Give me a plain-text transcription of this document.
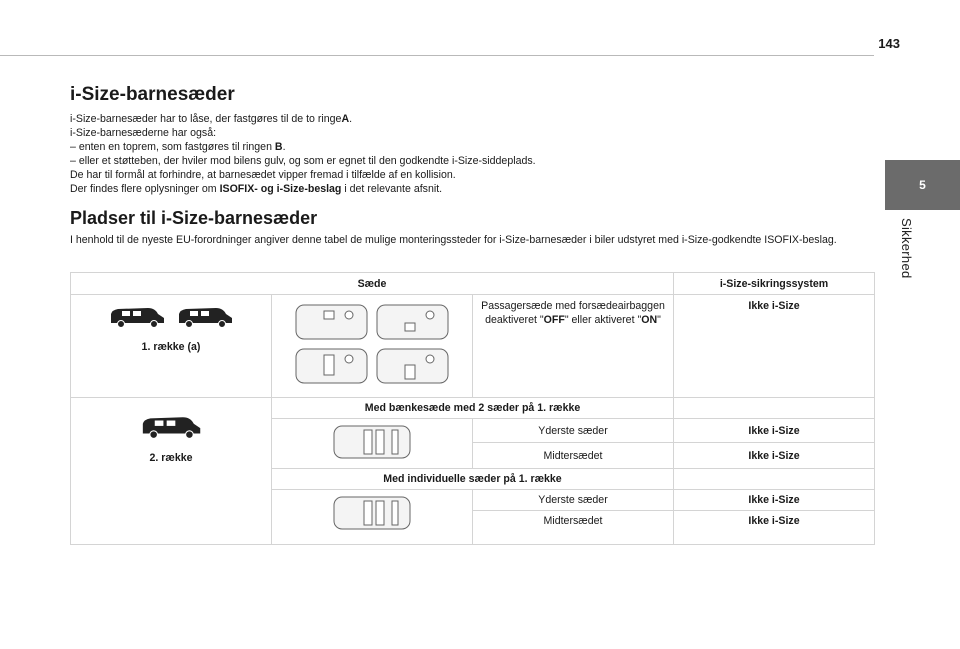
143
5
Sikkerhed
i-Size-barnesæder

i-Size-barnesæder har to låse, der fastgøres til de to ringeA.

i-Size-barnesæderne har også:

– enten en toprem, som fastgøres til ringen B.

– eller et støtteben, der hviler mod bilens gulv, og som er egnet til den godkendte i-Size-siddeplads.

De har til formål at forhindre, at barnesædet vipper fremad i tilfælde af en kollision.

Der findes flere oplysninger om ISOFIX- og i-Size-beslag i det relevante afsnit.

Pladser til i-Size-barnesæder

I henhold til de nyeste EU-forordninger angiver denne tabel de mulige monteringssteder for i-Size-barnesæder i biler udstyret med i-Size-godkendte ISOFIX-beslag.

Sæde			i-Size-sikringssystem

1. række (a)		Passagersæde med forsædeairbaggen deaktiveret "OFF" eller aktiveret "ON"	Ikke i-Size

2. række	Med bænkesæde med 2 sæder på 1. række		

	Yderste sæder	Ikke i-Size
		Midtersædet	Ikke i-Size
	Med individuelle sæder på 1. række		

	Yderste sæder	Ikke i-Size
		Midtersædet	Ikke i-Size
